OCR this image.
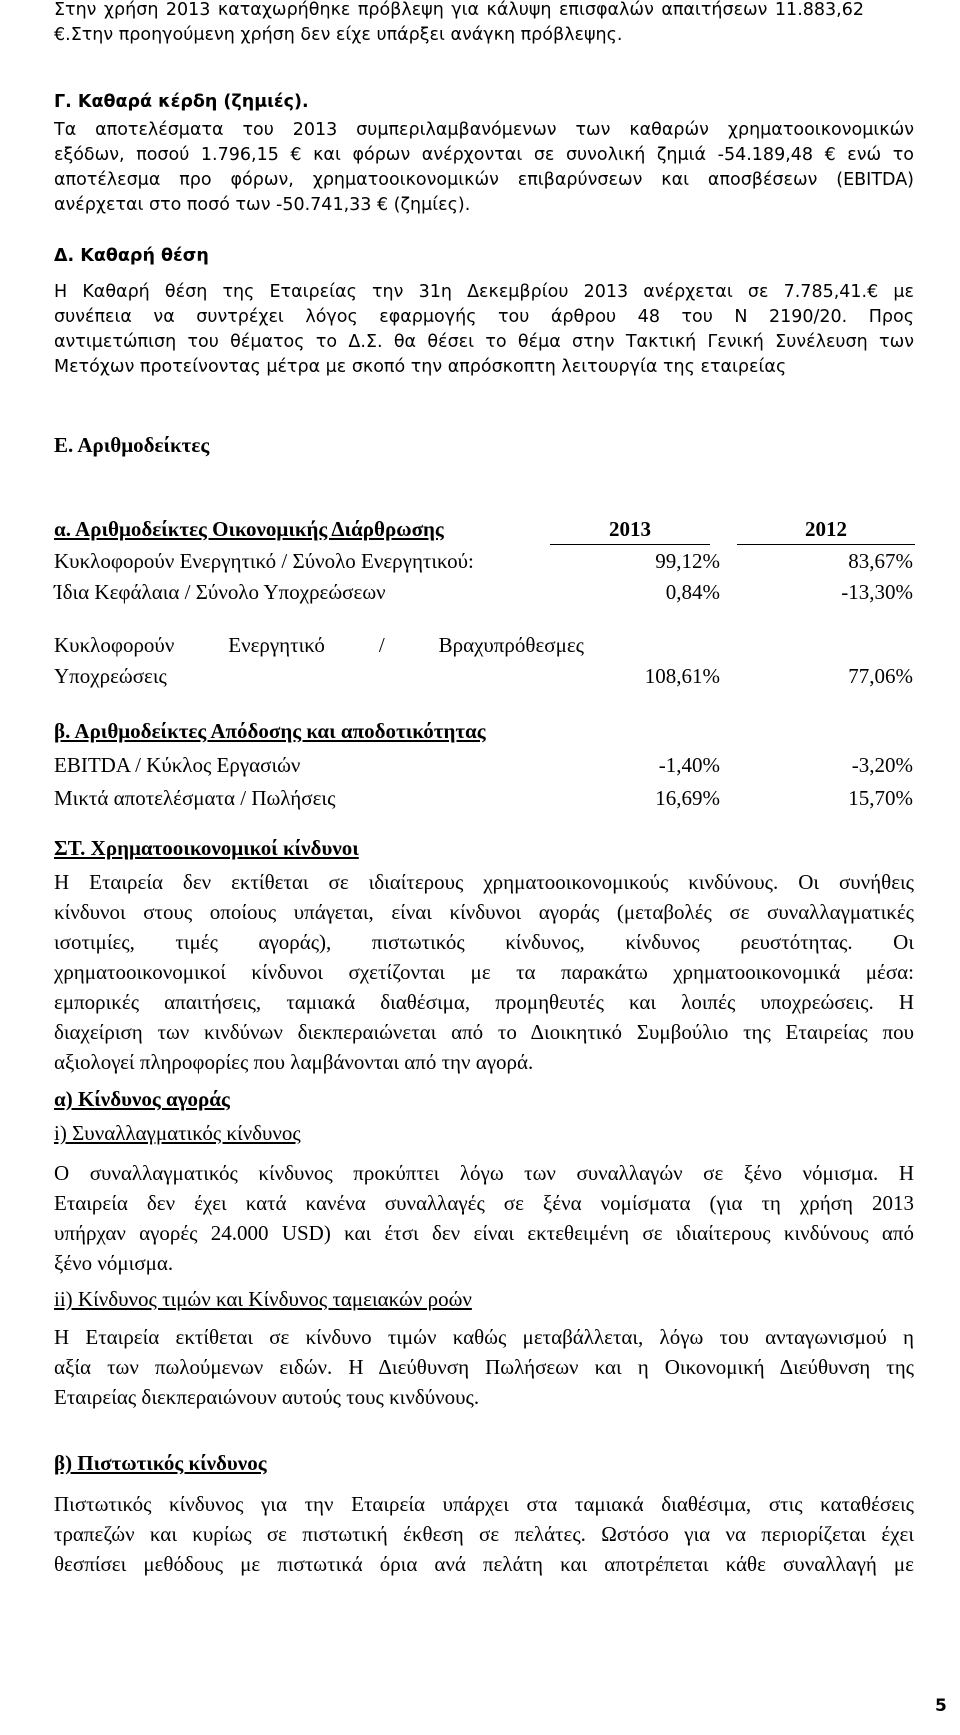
Στην χρήση 2013 καταχωρήθηκε πρόβλεψη για κάλυψη επισφαλών απαιτήσεων 11.883,62
€.Στην προηγούμενη χρήση δεν είχε υπάρξει ανάγκη πρόβλεψης.
Γ. Καθαρά κέρδη (ζημιές).
Τα αποτελέσματα του 2013 συμπεριλαμβανόμενων των καθαρών χρηματοοικονομικών
εξόδων, ποσού 1.796,15 € και φόρων ανέρχονται σε συνολική ζημιά -54.189,48 € ενώ το
αποτέλεσμα προ φόρων, χρηματοοικονομικών επιβαρύνσεων και αποσβέσεων (EBITDA)
ανέρχεται στο ποσό των -50.741,33 € (ζημίες).
Δ. Καθαρή θέση
Η Καθαρή θέση της Εταιρείας την 31η Δεκεμβρίου 2013 ανέρχεται σε 7.785,41.€ με
συνέπεια να συντρέχει λόγος εφαρμογής του άρθρου 48 του Ν 2190/20. Προς
αντιμετώπιση του θέματος το Δ.Σ. θα θέσει το θέμα στην Τακτική Γενική Συνέλευση των
Μετόχων προτείνοντας μέτρα με σκοπό την απρόσκοπτη λειτουργία της εταιρείας
Ε. Αριθμοδείκτες
α. Αριθμοδείκτες Οικονομικής Διάρθρωσης	2013	2012
Κυκλοφορούν Ενεργητικό / Σύνολο Ενεργητικού:	99,12%	83,67%
Ίδια Κεφάλαια / Σύνολο Υποχρεώσεων	0,84%	-13,30%
Κυκλοφορούν Ενεργητικό / Βραχυπρόθεσμες
Υποχρεώσεις	108,61%	77,06%
β. Αριθμοδείκτες Απόδοσης και αποδοτικότητας
EBITDA / Κύκλος Εργασιών	-1,40%	-3,20%
Μικτά αποτελέσματα / Πωλήσεις	16,69%	15,70%
ΣΤ. Χρηματοοικονομικοί κίνδυνοι
Η Εταιρεία δεν εκτίθεται σε ιδιαίτερους χρηματοοικονομικούς κινδύνους. Οι συνήθεις
κίνδυνοι στους οποίους υπάγεται, είναι κίνδυνοι αγοράς (μεταβολές σε συναλλαγματικές
ισοτιμίες, τιμές αγοράς), πιστωτικός κίνδυνος, κίνδυνος ρευστότητας. Οι
χρηματοοικονομικοί κίνδυνοι σχετίζονται με τα παρακάτω χρηματοοικονομικά μέσα:
εμπορικές απαιτήσεις, ταμιακά διαθέσιμα, προμηθευτές και λοιπές υποχρεώσεις. Η
διαχείριση των κινδύνων διεκπεραιώνεται από το Διοικητικό Συμβούλιο της Εταιρείας που
αξιολογεί πληροφορίες που λαμβάνονται από την αγορά.
α) Κίνδυνος αγοράς
i) Συναλλαγματικός κίνδυνος
Ο συναλλαγματικός κίνδυνος προκύπτει λόγω των συναλλαγών σε ξένο νόμισμα. Η
Εταιρεία δεν έχει κατά κανένα συναλλαγές σε ξένα νομίσματα (για τη χρήση 2013
υπήρχαν αγορές 24.000 USD) και έτσι δεν είναι εκτεθειμένη σε ιδιαίτερους κινδύνους από
ξένο νόμισμα.
ii) Κίνδυνος τιμών και Κίνδυνος ταμειακών ροών
Η Εταιρεία εκτίθεται σε κίνδυνο τιμών καθώς μεταβάλλεται, λόγω του ανταγωνισμού η
αξία των πωλούμενων ειδών. Η Διεύθυνση Πωλήσεων και η Οικονομική Διεύθυνση της
Εταιρείας διεκπεραιώνουν αυτούς τους κινδύνους.
β) Πιστωτικός κίνδυνος
Πιστωτικός κίνδυνος για την Εταιρεία υπάρχει στα ταμιακά διαθέσιμα, στις καταθέσεις
τραπεζών και κυρίως σε πιστωτική έκθεση σε πελάτες. Ωστόσο για να περιορίζεται έχει
θεσπίσει μεθόδους με πιστωτικά όρια ανά πελάτη και αποτρέπεται κάθε συναλλαγή με
5
